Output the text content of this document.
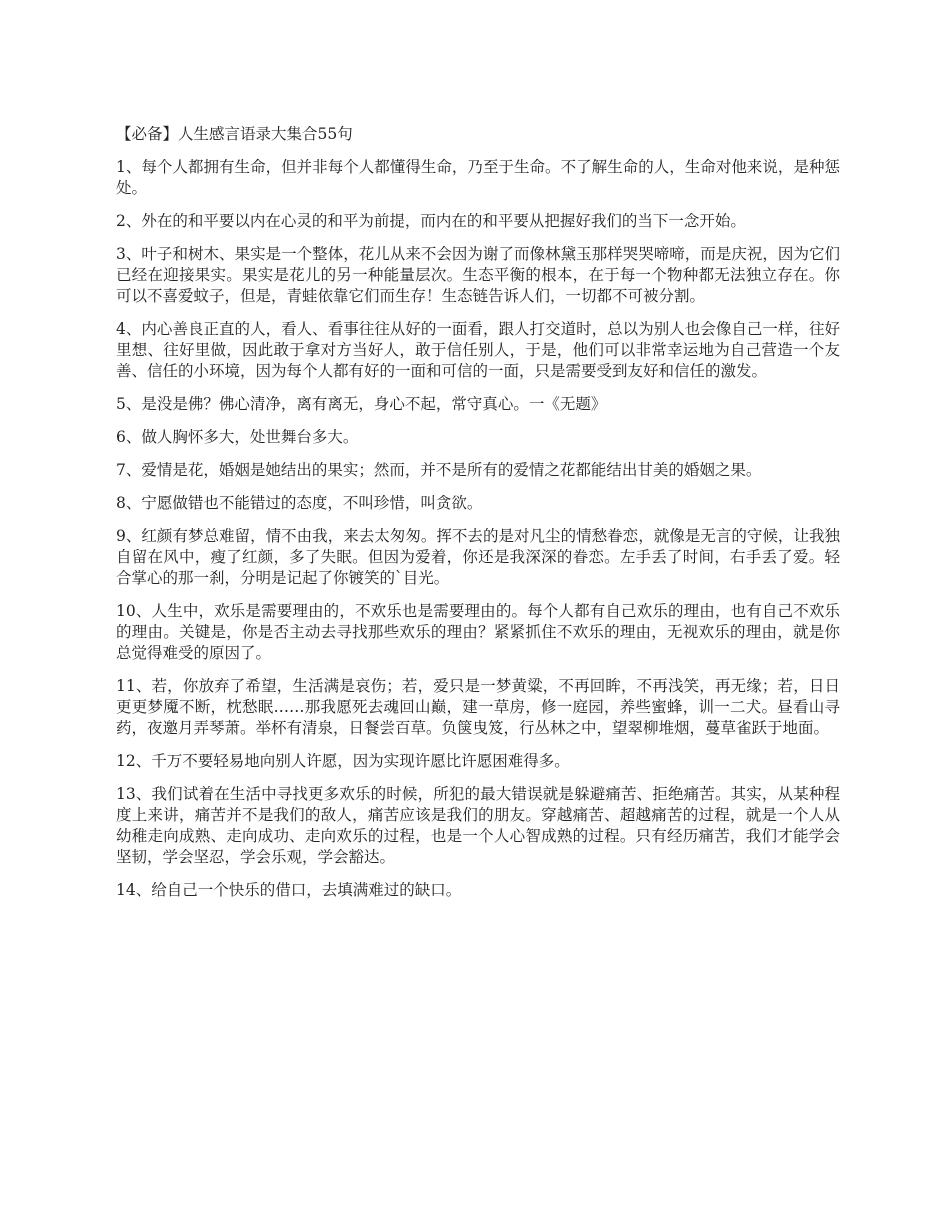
【必备】人生感言语录大集合55句

1、每个人都拥有生命，但并非每个人都懂得生命，乃至于生命。不了解生命的人，生命对他来说，是种惩处。

2、外在的和平要以内在心灵的和平为前提，而内在的和平要从把握好我们的当下一念开始。

3、叶子和树木、果实是一个整体，花儿从来不会因为谢了而像林黛玉那样哭哭啼啼，而是庆祝，因为它们已经在迎接果实。果实是花儿的另一种能量层次。生态平衡的根本，在于每一个物种都无法独立存在。你可以不喜爱蚊子，但是，青蛙依靠它们而生存！生态链告诉人们，一切都不可被分割。

4、内心善良正直的人，看人、看事往往从好的一面看，跟人打交道时，总以为别人也会像自己一样，往好里想、往好里做，因此敢于拿对方当好人，敢于信任别人，于是，他们可以非常幸运地为自己营造一个友善、信任的小环境，因为每个人都有好的一面和可信的一面，只是需要受到友好和信任的激发。

5、是没是佛？佛心清净，离有离无，身心不起，常守真心。一《无题》

6、做人胸怀多大，处世舞台多大。

7、爱情是花，婚姻是她结出的果实；然而，并不是所有的爱情之花都能结出甘美的婚姻之果。

8、宁愿做错也不能错过的态度，不叫珍惜，叫贪欲。

9、红颜有梦总难留，情不由我，来去太匆匆。挥不去的是对凡尘的情愁眷恋，就像是无言的守候，让我独自留在风中，瘦了红颜，多了失眠。但因为爱着，你还是我深深的眷恋。左手丢了时间，右手丢了爱。轻合掌心的那一刹，分明是记起了你镀笑的`目光。

10、人生中，欢乐是需要理由的，不欢乐也是需要理由的。每个人都有自己欢乐的理由，也有自己不欢乐的理由。关键是，你是否主动去寻找那些欢乐的理由？紧紧抓住不欢乐的理由，无视欢乐的理由，就是你总觉得难受的原因了。

11、若，你放弃了希望，生活满是哀伤；若，爱只是一梦黄粱，不再回眸，不再浅笑，再无缘；若，日日更更梦魇不断，枕愁眠……那我愿死去魂回山巅，建一草房，修一庭园，养些蜜蜂，训一二犬。昼看山寻药，夜邀月弄琴萧。举杯有清泉，日餐尝百草。负箧曳笈，行丛林之中，望翠柳堆烟，蔓草雀跃于地面。

12、千万不要轻易地向别人许愿，因为实现许愿比许愿困难得多。

13、我们试着在生活中寻找更多欢乐的时候，所犯的最大错误就是躲避痛苦、拒绝痛苦。其实，从某种程度上来讲，痛苦并不是我们的敌人，痛苦应该是我们的朋友。穿越痛苦、超越痛苦的过程，就是一个人从幼稚走向成熟、走向成功、走向欢乐的过程，也是一个人心智成熟的过程。只有经历痛苦，我们才能学会坚韧，学会坚忍，学会乐观，学会豁达。

14、给自己一个快乐的借口，去填满难过的缺口。
